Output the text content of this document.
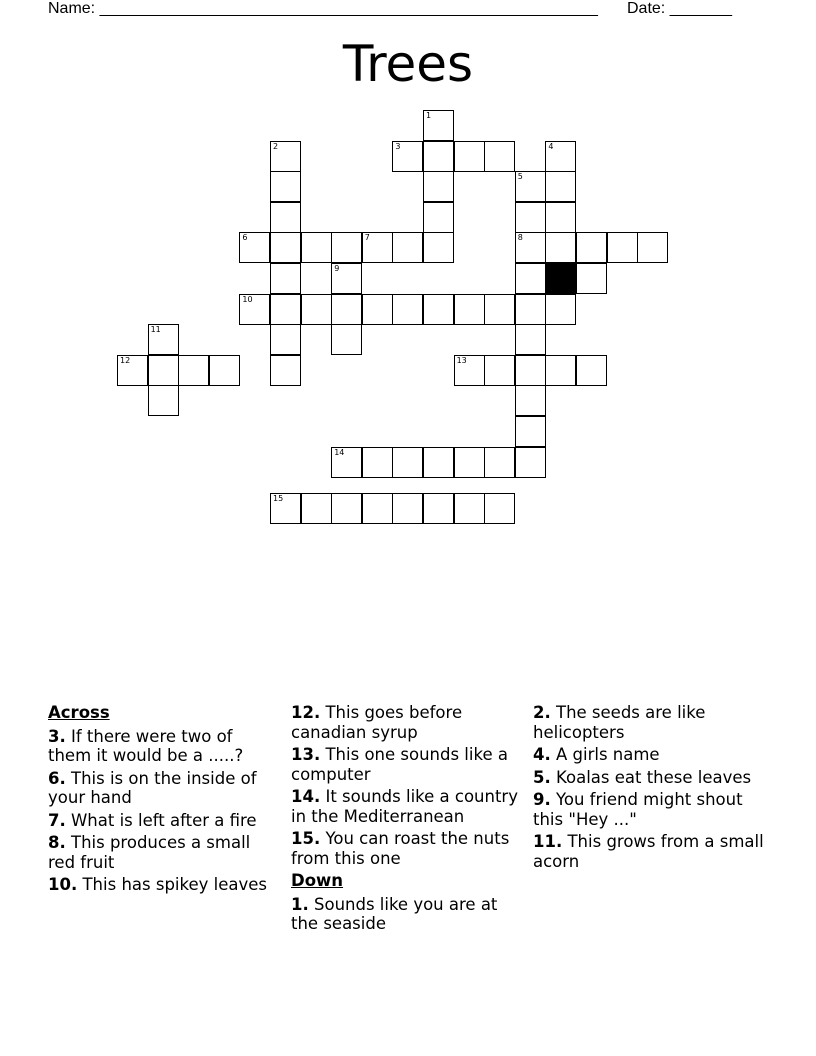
Name: ________________________________________________________ Date: _______
Trees
1
2	3	4
5
6	7	8
9
10
11
12	13
14
15
Across
3. If there were two of them it would be a .....?
6. This is on the inside of your hand
7. What is left after a fire
8. This produces a small red fruit
10. This has spikey leaves
12. This goes before canadian syrup
13. This one sounds like a computer
14. It sounds like a country in the Mediterranean
15. You can roast the nuts from this one
Down
1. Sounds like you are at the seaside
2. The seeds are like helicopters
4. A girls name
5. Koalas eat these leaves
9. You friend might shout this "Hey ..."
11. This grows from a small acorn
